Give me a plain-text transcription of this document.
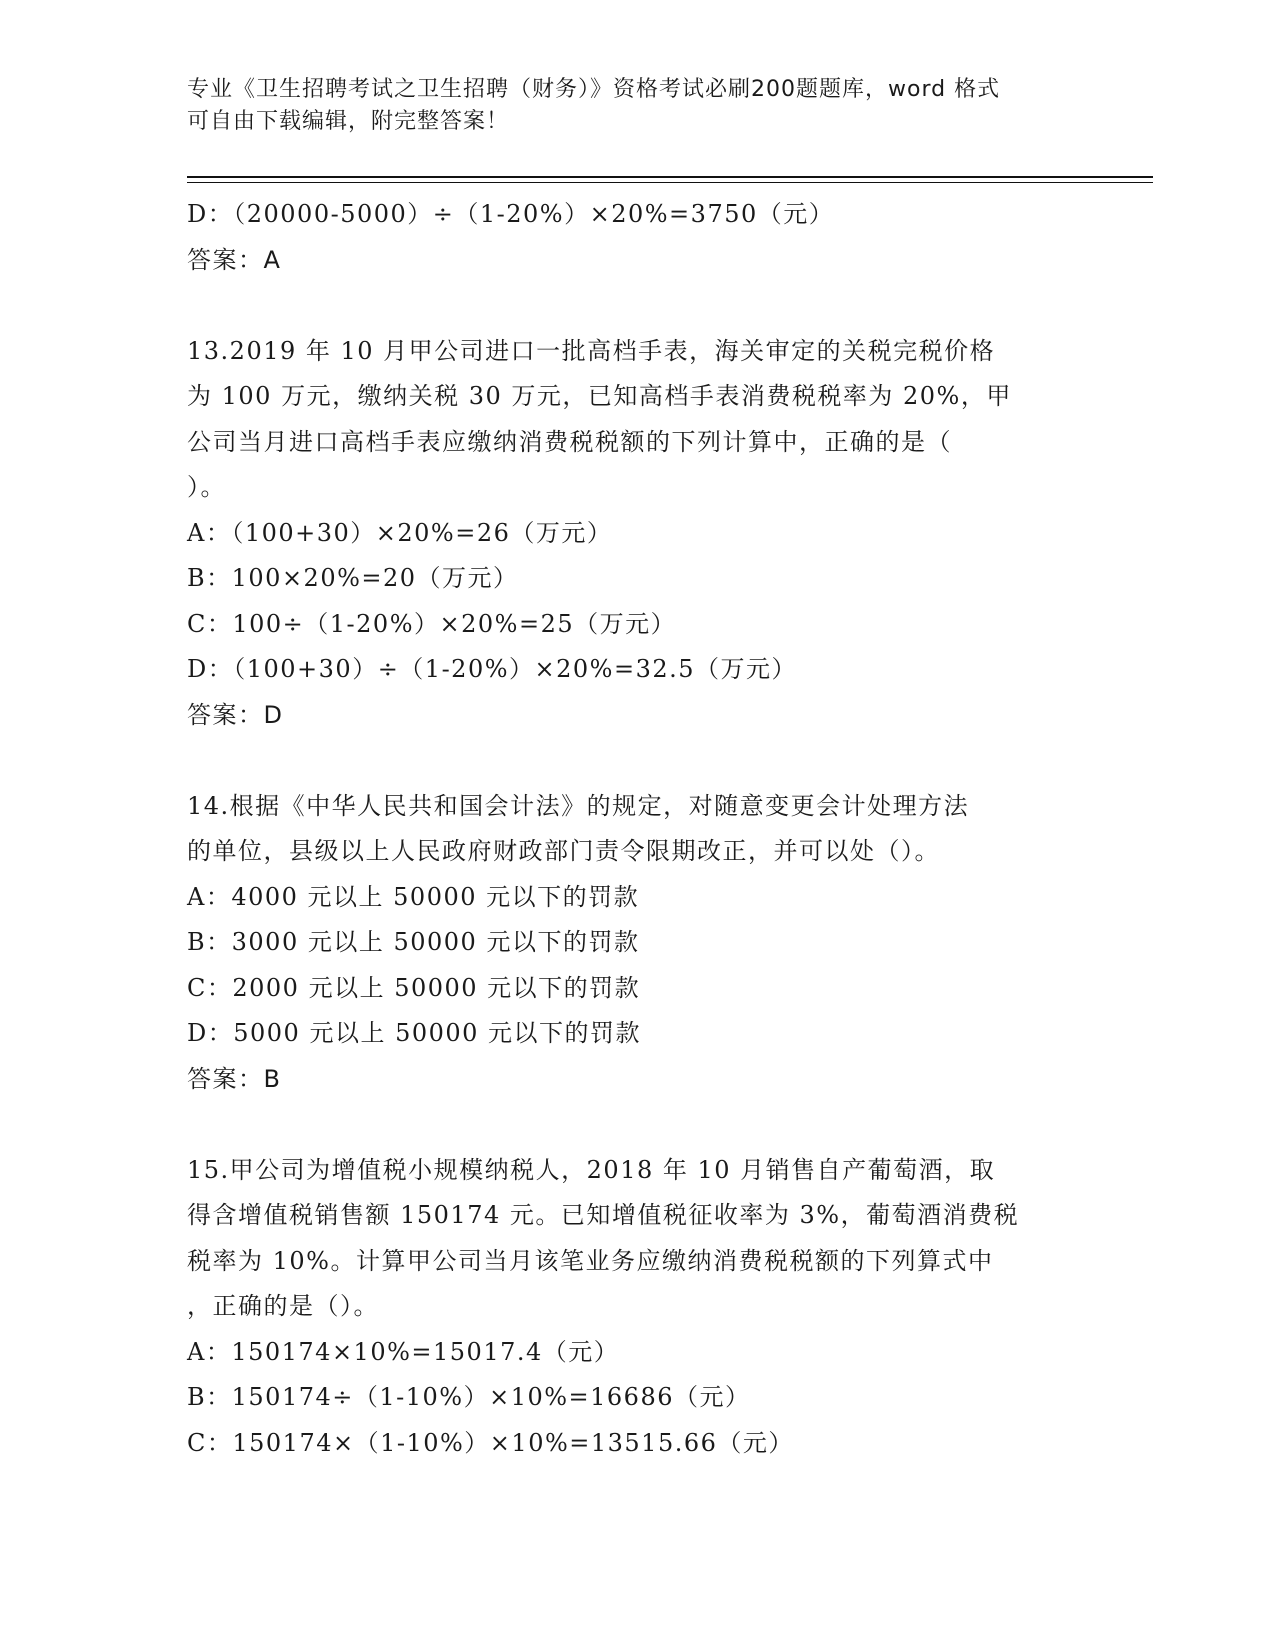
专业《卫生招聘考试之卫生招聘（财务）》资格考试必刷200题题库，word 格式
可自由下载编辑，附完整答案！
D：（20000-5000）÷（1-20%）×20%=3750（元）
答案：A
13.2019 年 10 月甲公司进口一批高档手表，海关审定的关税完税价格
为 100 万元，缴纳关税 30 万元，已知高档手表消费税税率为 20%，甲
公司当月进口高档手表应缴纳消费税税额的下列计算中，正确的是（
）。
A：（100+30）×20%=26（万元）
B：100×20%=20（万元）
C：100÷（1-20%）×20%=25（万元）
D：（100+30）÷（1-20%）×20%=32.5（万元）
答案：D
14.根据《中华人民共和国会计法》的规定，对随意变更会计处理方法
的单位，县级以上人民政府财政部门责令限期改正，并可以处（）。
A：4000 元以上 50000 元以下的罚款
B：3000 元以上 50000 元以下的罚款
C：2000 元以上 50000 元以下的罚款
D：5000 元以上 50000 元以下的罚款
答案：B
15.甲公司为增值税小规模纳税人，2018 年 10 月销售自产葡萄酒，取
得含增值税销售额 150174 元。已知增值税征收率为 3%，葡萄酒消费税
税率为 10%。计算甲公司当月该笔业务应缴纳消费税税额的下列算式中
，正确的是（）。
A：150174×10%=15017.4（元）
B：150174÷（1-10%）×10%=16686（元）
C：150174×（1-10%）×10%=13515.66（元）
